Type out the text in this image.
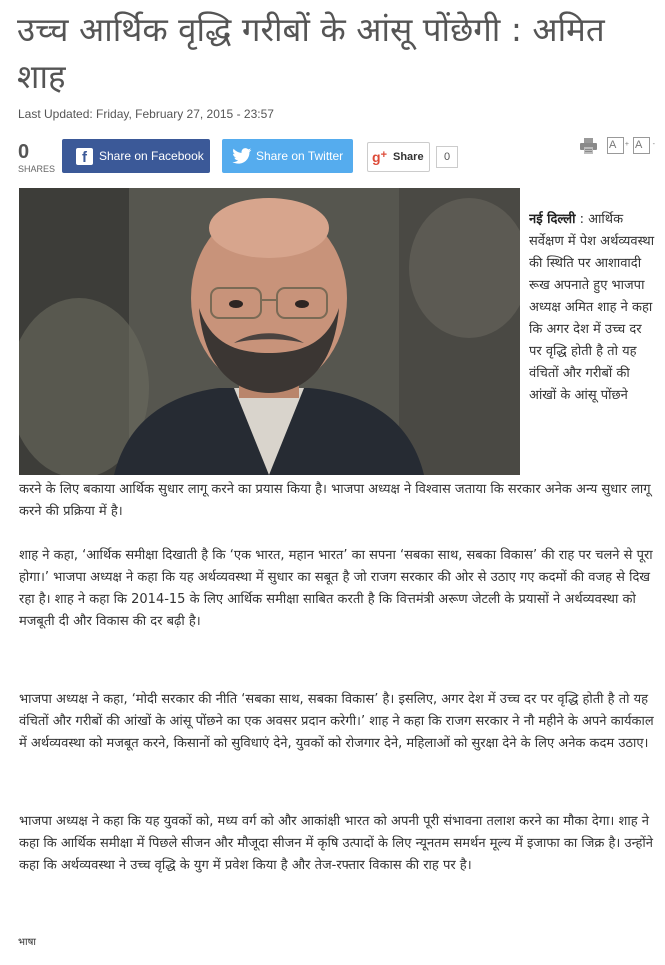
उच्च आर्थिक वृद्धि गरीबों के आंसू पोंछेगी : अमित शाह
Last Updated: Friday, February 27, 2015 - 23:57
0
SHARES
f	Share on Facebook	Share on Twitter g+ Share	0
A + A -
नई दिल्ली : आर्थिक सर्वेक्षण में पेश अर्थव्यवस्था की स्थिति पर आशावादी रूख अपनाते हुए भाजपा अध्यक्ष अमित शाह ने कहा कि अगर देश में उच्च दर पर वृद्धि होती है तो यह वंचितों और गरीबों की आंखों के आंसू पोंछने

करने के लिए बकाया आर्थिक सुधार लागू करने का प्रयास किया है। भाजपा अध्यक्ष ने विश्वास जताया कि सरकार अनेक अन्य सुधार लागू करने की प्रक्रिया में है।

शाह ने कहा, ‘आर्थिक समीक्षा दिखाती है कि ‘एक भारत, महान भारत’ का सपना ‘सबका साथ, सबका विकास’ की राह पर चलने से पूरा होगा।’ भाजपा अध्यक्ष ने कहा कि यह अर्थव्यवस्था में सुधार का सबूत है जो राजग सरकार की ओर से उठाए गए कदमों की वजह से दिख रहा है। शाह ने कहा कि 2014-15 के लिए आर्थिक समीक्षा साबित करती है कि वित्तमंत्री अरूण जेटली के प्रयासों ने अर्थव्यवस्था को मजबूती दी और विकास की दर बढ़ी है।

भाजपा अध्यक्ष ने कहा, ‘मोदी सरकार की नीति ‘सबका साथ, सबका विकास’ है। इसलिए, अगर देश में उच्च दर पर वृद्धि होती है तो यह वंचितों और गरीबों की आंखों के आंसू पोंछने का एक अवसर प्रदान करेगी।’ शाह ने कहा कि राजग सरकार ने नौ महीने के अपने कार्यकाल में अर्थव्यवस्था को मजबूत करने, किसानों को सुविधाएं देने, युवकों को रोजगार देने, महिलाओं को सुरक्षा देने के लिए अनेक कदम उठाए।

भाजपा अध्यक्ष ने कहा कि यह युवकों को, मध्य वर्ग को और आकांक्षी भारत को अपनी पूरी संभावना तलाश करने का मौका देगा। शाह ने कहा कि आर्थिक समीक्षा में पिछले सीजन और मौजूदा सीजन में कृषि उत्पादों के लिए न्यूनतम समर्थन मूल्य में इजाफा का जिक्र है। उन्होंने कहा कि अर्थव्यवस्था ने उच्च वृद्धि के युग में प्रवेश किया है और तेज-रफ्तार विकास की राह पर है।

भाषा
